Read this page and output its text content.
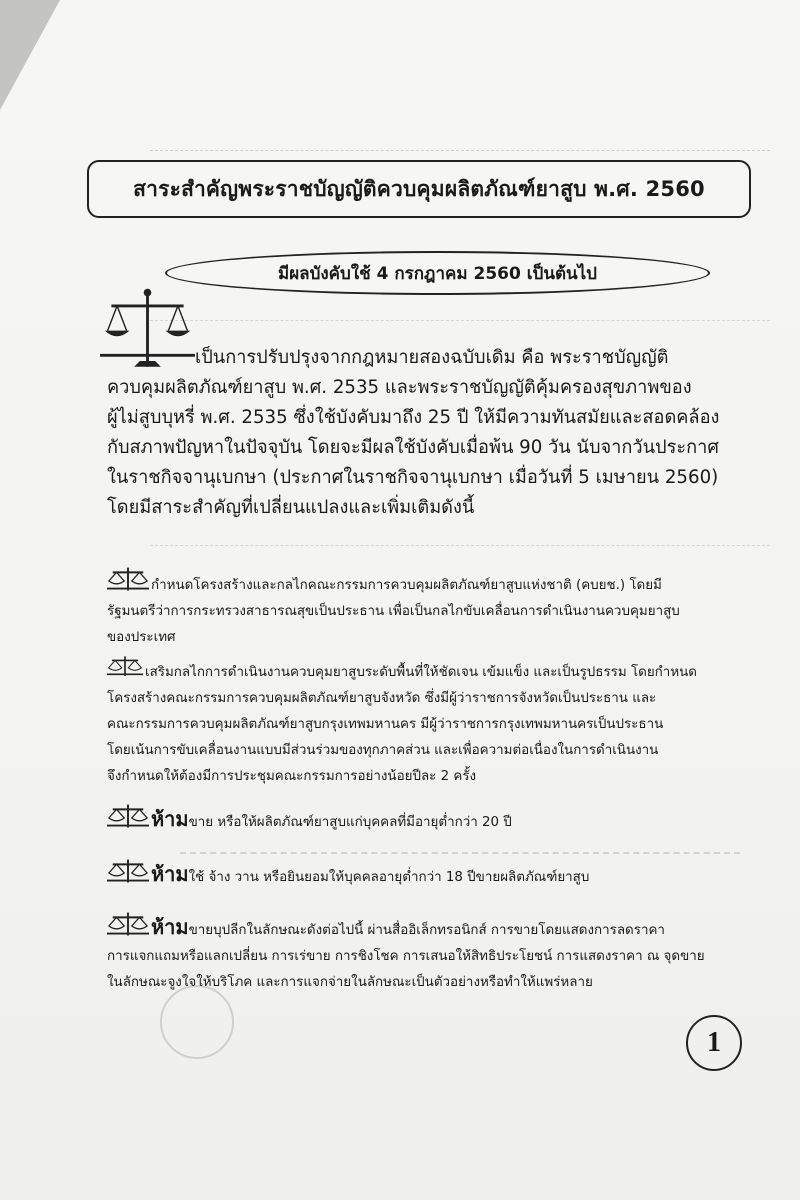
สาระสำคัญพระราชบัญญัติควบคุมผลิตภัณฑ์ยาสูบ พ.ศ. 2560
มีผลบังคับใช้ 4 กรกฎาคม 2560 เป็นต้นไป
เป็นการปรับปรุงจากกฎหมายสองฉบับเดิม คือ พระราชบัญญัติ
ควบคุมผลิตภัณฑ์ยาสูบ พ.ศ. 2535 และพระราชบัญญัติคุ้มครองสุขภาพของ
ผู้ไม่สูบบุหรี่ พ.ศ. 2535 ซึ่งใช้บังคับมาถึง 25 ปี ให้มีความทันสมัยและสอดคล้อง
กับสภาพปัญหาในปัจจุบัน โดยจะมีผลใช้บังคับเมื่อพ้น 90 วัน นับจากวันประกาศ
ในราชกิจจานุเบกษา (ประกาศในราชกิจจานุเบกษา เมื่อวันที่ 5 เมษายน 2560)
โดยมีสาระสำคัญที่เปลี่ยนแปลงและเพิ่มเติมดังนี้
กำหนดโครงสร้างและกลไกคณะกรรมการควบคุมผลิตภัณฑ์ยาสูบแห่งชาติ (คบยช.) โดยมี
รัฐมนตรีว่าการกระทรวงสาธารณสุขเป็นประธาน เพื่อเป็นกลไกขับเคลื่อนการดำเนินงานควบคุมยาสูบ
ของประเทศ
เสริมกลไกการดำเนินงานควบคุมยาสูบระดับพื้นที่ให้ชัดเจน เข้มแข็ง และเป็นรูปธรรม โดยกำหนด
โครงสร้างคณะกรรมการควบคุมผลิตภัณฑ์ยาสูบจังหวัด ซึ่งมีผู้ว่าราชการจังหวัดเป็นประธาน และ
คณะกรรมการควบคุมผลิตภัณฑ์ยาสูบกรุงเทพมหานคร มีผู้ว่าราชการกรุงเทพมหานครเป็นประธาน
โดยเน้นการขับเคลื่อนงานแบบมีส่วนร่วมของทุกภาคส่วน และเพื่อความต่อเนื่องในการดำเนินงาน
จึงกำหนดให้ต้องมีการประชุมคณะกรรมการอย่างน้อยปีละ 2 ครั้ง
ห้ามขาย หรือให้ผลิตภัณฑ์ยาสูบแก่บุคคลที่มีอายุต่ำกว่า 20 ปี
ห้ามใช้ จ้าง วาน หรือยินยอมให้บุคคลอายุต่ำกว่า 18 ปีขายผลิตภัณฑ์ยาสูบ
ห้ามขายบุปลีกในลักษณะดังต่อไปนี้ ผ่านสื่ออิเล็กทรอนิกส์ การขายโดยแสดงการลดราคา
การแจกแถมหรือแลกเปลี่ยน การเร่ขาย การชิงโชค การเสนอให้สิทธิประโยชน์ การแสดงราคา ณ จุดขาย
ในลักษณะจูงใจให้บริโภค และการแจกจ่ายในลักษณะเป็นตัวอย่างหรือทำให้แพร่หลาย
1
